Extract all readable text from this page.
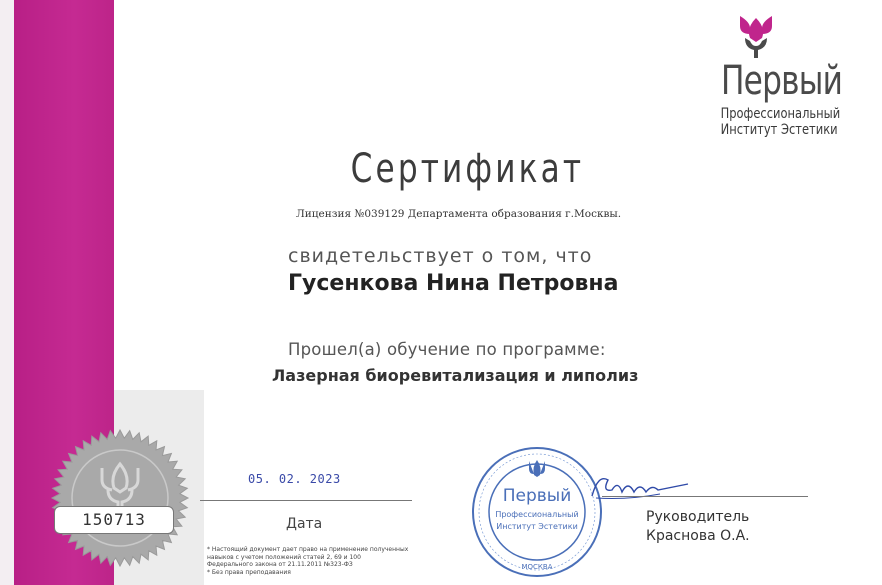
Первый
Профессиональный
Институт Эстетики
Сертификат
Лицензия №039129 Департамента образования г.Москвы.
свидетельствует о том, что
Гусенкова Нина Петровна
Прошел(а) обучение по программе:
Лазерная биоревитализация и липолиз
150713
05. 02. 2023
Дата
* Настоящий документ дает право на применение полученных
навыков с учетом положений статей 2, 69 и 100
Федерального закона от 21.11.2011 №323-ФЗ
* Без права преподавания
Первый
Профессиональный
Институт Эстетики
МОСКВА
Руководитель
Краснова О.А.
